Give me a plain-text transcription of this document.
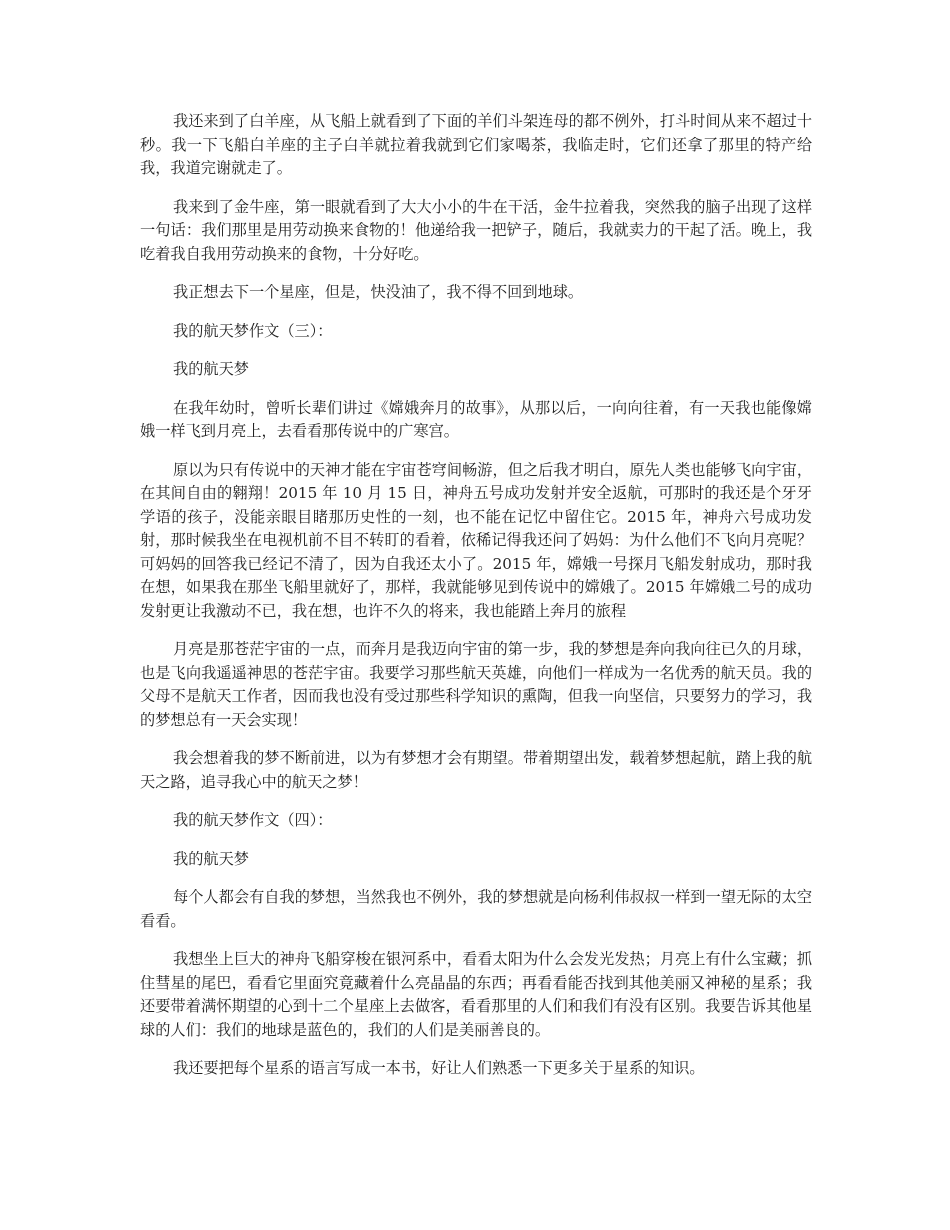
我还来到了白羊座，从飞船上就看到了下面的羊们斗架连母的都不例外，打斗时间从来不超过十秒。我一下飞船白羊座的主子白羊就拉着我就到它们家喝茶，我临走时，它们还拿了那里的特产给我，我道完谢就走了。

我来到了金牛座，第一眼就看到了大大小小的牛在干活，金牛拉着我，突然我的脑子出现了这样一句话：我们那里是用劳动换来食物的！他递给我一把铲子，随后，我就卖力的干起了活。晚上，我吃着我自我用劳动换来的食物，十分好吃。

我正想去下一个星座，但是，快没油了，我不得不回到地球。

我的航天梦作文（三）：

我的航天梦

在我年幼时，曾听长辈们讲过《嫦娥奔月的故事》，从那以后，一向向往着，有一天我也能像嫦娥一样飞到月亮上，去看看那传说中的广寒宫。

原以为只有传说中的天神才能在宇宙苍穹间畅游，但之后我才明白，原先人类也能够飞向宇宙，在其间自由的翱翔！2015 年 10 月 15 日，神舟五号成功发射并安全返航，可那时的我还是个牙牙学语的孩子，没能亲眼目睹那历史性的一刻，也不能在记忆中留住它。2015 年，神舟六号成功发射，那时候我坐在电视机前不目不转盯的看着，依稀记得我还问了妈妈：为什么他们不飞向月亮呢？可妈妈的回答我已经记不清了，因为自我还太小了。2015 年，嫦娥一号探月飞船发射成功，那时我在想，如果我在那坐飞船里就好了，那样，我就能够见到传说中的嫦娥了。2015 年嫦娥二号的成功发射更让我激动不已，我在想，也许不久的将来，我也能踏上奔月的旅程

月亮是那苍茫宇宙的一点，而奔月是我迈向宇宙的第一步，我的梦想是奔向我向往已久的月球，也是飞向我遥遥神思的苍茫宇宙。我要学习那些航天英雄，向他们一样成为一名优秀的航天员。我的父母不是航天工作者，因而我也没有受过那些科学知识的熏陶，但我一向坚信，只要努力的学习，我的梦想总有一天会实现！

我会想着我的梦不断前进，以为有梦想才会有期望。带着期望出发，载着梦想起航，踏上我的航天之路，追寻我心中的航天之梦！

我的航天梦作文（四）：

我的航天梦

每个人都会有自我的梦想，当然我也不例外，我的梦想就是向杨利伟叔叔一样到一望无际的太空看看。

我想坐上巨大的神舟飞船穿梭在银河系中，看看太阳为什么会发光发热；月亮上有什么宝藏；抓住彗星的尾巴，看看它里面究竟藏着什么亮晶晶的东西；再看看能否找到其他美丽又神秘的星系；我还要带着满怀期望的心到十二个星座上去做客，看看那里的人们和我们有没有区别。我要告诉其他星球的人们：我们的地球是蓝色的，我们的人们是美丽善良的。

我还要把每个星系的语言写成一本书，好让人们熟悉一下更多关于星系的知识。
